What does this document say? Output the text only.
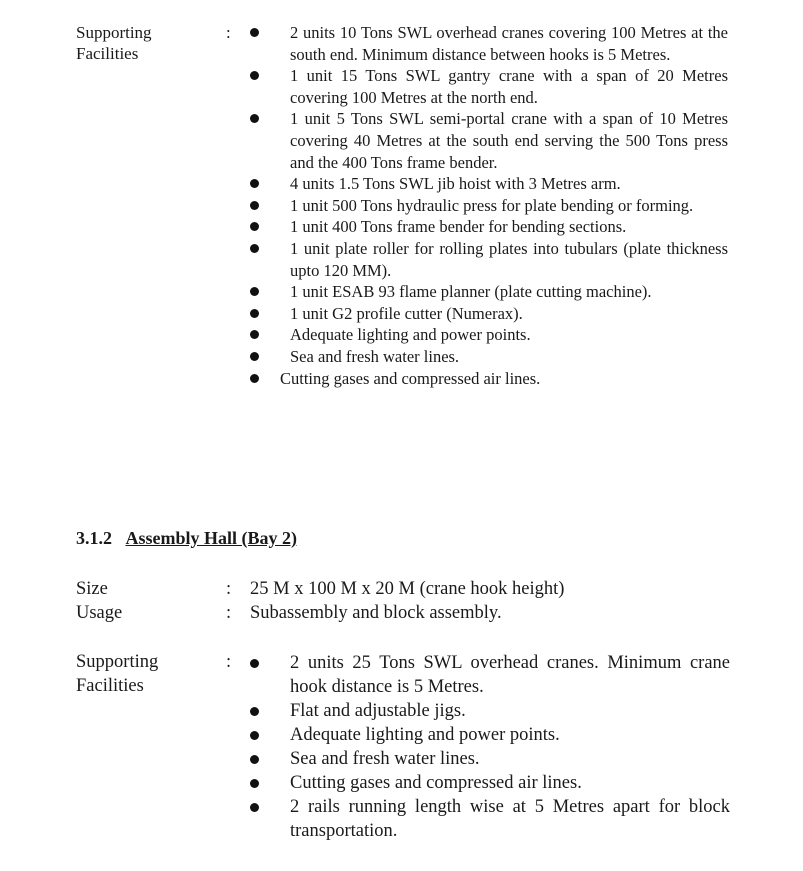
Supporting
Facilities
:	2 units 10 Tons SWL overhead cranes covering 100 Metres at the south end. Minimum distance between hooks is 5 Metres.
1 unit 15 Tons SWL gantry crane with a span of 20 Metres covering 100 Metres at the north end.
1 unit 5 Tons SWL semi-portal crane with a span of 10 Metres covering 40 Metres at the south end serving the 500 Tons press and the 400 Tons frame bender.
4 units 1.5 Tons SWL jib hoist with 3 Metres arm.
1 unit 500 Tons hydraulic press for plate bending or forming.
1 unit 400 Tons frame bender for bending sections.
1 unit plate roller for rolling plates into tubulars (plate thickness upto 120 MM).
1 unit ESAB 93 flame planner (plate cutting machine).
1 unit G2 profile cutter (Numerax).
Adequate lighting and power points.
Sea and fresh water lines.
Cutting gases and compressed air lines.
3.1.2 Assembly Hall (Bay 2)
Size	: 25 M x 100 M x 20 M (crane hook height)
Usage	: Subassembly and block assembly.
Supporting
Facilities
:	2 units 25 Tons SWL overhead cranes. Minimum crane hook distance is 5 Metres.
Flat and adjustable jigs.
Adequate lighting and power points.
Sea and fresh water lines.
Cutting gases and compressed air lines.
2 rails running length wise at 5 Metres apart for block transportation.
